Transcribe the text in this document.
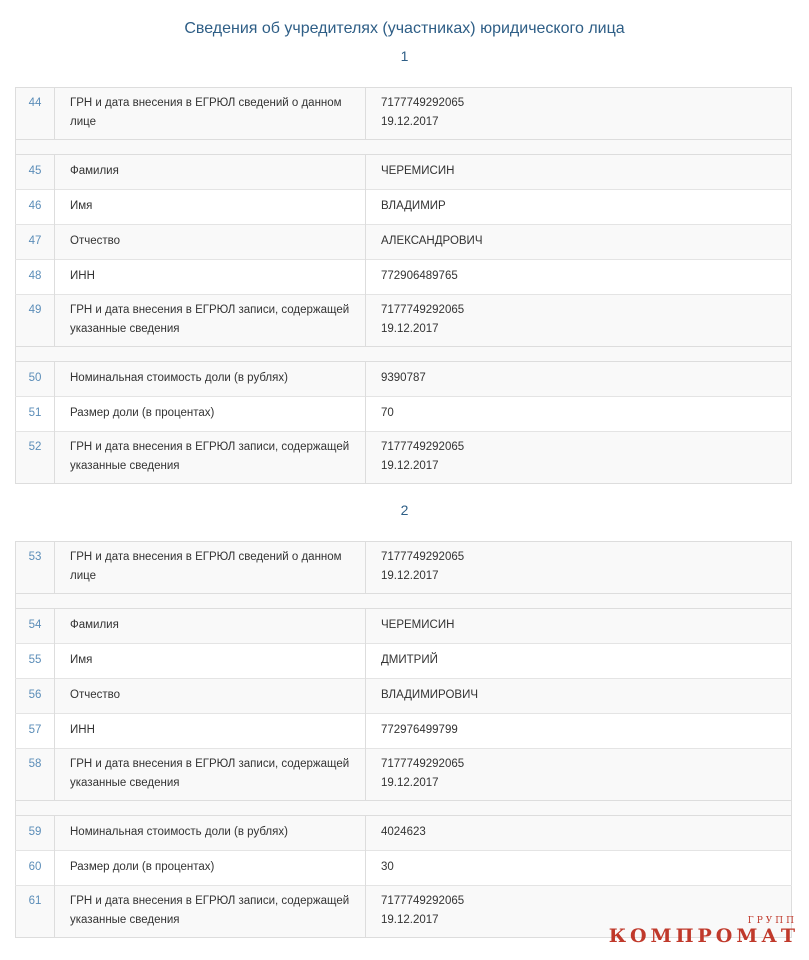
Сведения об учредителях (участниках) юридического лица
1
44	ГРН и дата внесения в ЕГРЮЛ сведений о данном лице	7177749292065
19.12.2017

45	Фамилия	ЧЕРЕМИСИН

46	Имя	ВЛАДИМИР

47	Отчество	АЛЕКСАНДРОВИЧ

48	ИНН	772906489765

49	ГРН и дата внесения в ЕГРЮЛ записи, содержащей указанные сведения	7177749292065
19.12.2017

50	Номинальная стоимость доли (в рублях)	9390787

51	Размер доли (в процентах)	70

52	ГРН и дата внесения в ЕГРЮЛ записи, содержащей указанные сведения	7177749292065
19.12.2017
2
53	ГРН и дата внесения в ЕГРЮЛ сведений о данном лице	7177749292065
19.12.2017

54	Фамилия	ЧЕРЕМИСИН

55	Имя	ДМИТРИЙ

56	Отчество	ВЛАДИМИРОВИЧ

57	ИНН	772976499799

58	ГРН и дата внесения в ЕГРЮЛ записи, содержащей указанные сведения	7177749292065
19.12.2017

59	Номинальная стоимость доли (в рублях)	4024623

60	Размер доли (в процентах)	30

61	ГРН и дата внесения в ЕГРЮЛ записи, содержащей указанные сведения	7177749292065
19.12.2017	ГРУПП
КОМПРОМАТ
